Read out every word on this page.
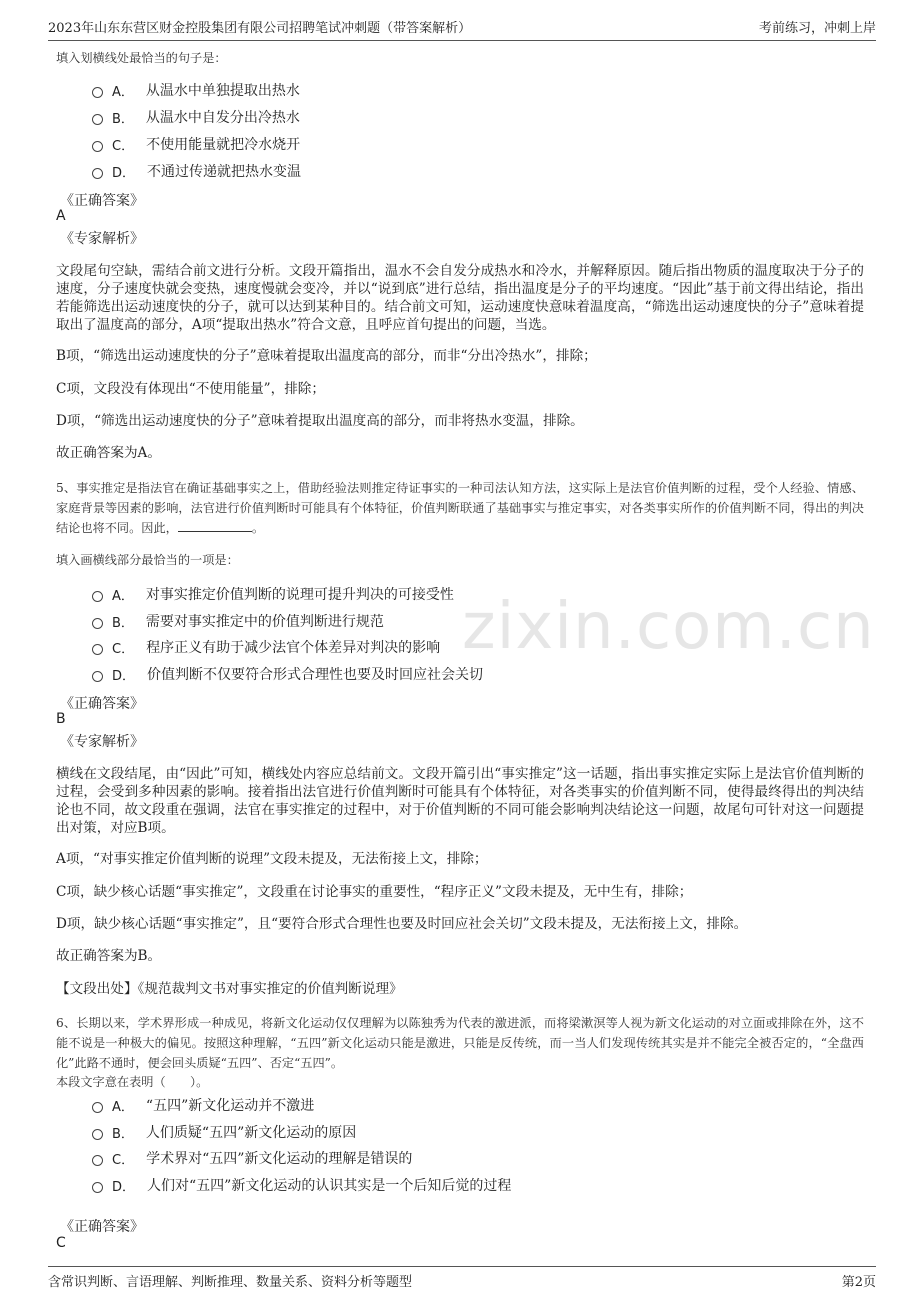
2023年山东东营区财金控股集团有限公司招聘笔试冲刺题（带答案解析）	考前练习，冲刺上岸
zixin.com.cn
填入划横线处最恰当的句子是：
A． 从温水中单独提取出热水
B． 从温水中自发分出冷热水
C． 不使用能量就把冷水烧开
D． 不通过传递就把热水变温
《正确答案》
A
《专家解析》
文段尾句空缺，需结合前文进行分析。文段开篇指出，温水不会自发分成热水和冷水，并解释原因。随后指出物质的温度取决于分子的速度，分子速度快就会变热，速度慢就会变冷，并以“说到底”进行总结，指出温度是分子的平均速度。“因此”基于前文得出结论，指出若能筛选出运动速度快的分子，就可以达到某种目的。结合前文可知，运动速度快意味着温度高，“筛选出运动速度快的分子”意味着提取出了温度高的部分，A项“提取出热水”符合文意，且呼应首句提出的问题，当选。
B项，“筛选出运动速度快的分子”意味着提取出温度高的部分，而非“分出冷热水”，排除；
C项，文段没有体现出“不使用能量”，排除；
D项，“筛选出运动速度快的分子”意味着提取出温度高的部分，而非将热水变温，排除。
故正确答案为A。
5、事实推定是指法官在确证基础事实之上，借助经验法则推定待证事实的一种司法认知方法，这实际上是法官价值判断的过程，受个人经验、情感、家庭背景等因素的影响，法官进行价值判断时可能具有个体特征，价值判断联通了基础事实与推定事实，对各类事实所作的价值判断不同，得出的判决结论也将不同。因此，	。
填入画横线部分最恰当的一项是：
A． 对事实推定价值判断的说理可提升判决的可接受性
B． 需要对事实推定中的价值判断进行规范
C． 程序正义有助于减少法官个体差异对判决的影响
D． 价值判断不仅要符合形式合理性也要及时回应社会关切
《正确答案》
B
《专家解析》
横线在文段结尾，由“因此”可知，横线处内容应总结前文。文段开篇引出“事实推定”这一话题，指出事实推定实际上是法官价值判断的过程，会受到多种因素的影响。接着指出法官进行价值判断时可能具有个体特征，对各类事实的价值判断不同，使得最终得出的判决结论也不同，故文段重在强调，法官在事实推定的过程中，对于价值判断的不同可能会影响判决结论这一问题，故尾句可针对这一问题提出对策，对应B项。
A项，“对事实推定价值判断的说理”文段未提及，无法衔接上文，排除；
C项，缺少核心话题“事实推定”，文段重在讨论事实的重要性，“程序正义”文段未提及，无中生有，排除；
D项，缺少核心话题“事实推定”，且“要符合形式合理性也要及时回应社会关切”文段未提及，无法衔接上文，排除。
故正确答案为B。
【文段出处】《规范裁判文书对事实推定的价值判断说理》
6、长期以来，学术界形成一种成见，将新文化运动仅仅理解为以陈独秀为代表的激进派，而将梁漱溟等人视为新文化运动的对立面或排除在外，这不能不说是一种极大的偏见。按照这种理解，“五四”新文化运动只能是激进，只能是反传统，而一当人们发现传统其实是并不能完全被否定的，“全盘西化”此路不通时，便会回头质疑“五四”、否定“五四”。
本段文字意在表明（　　）。
A． “五四”新文化运动并不激进
B． 人们质疑“五四”新文化运动的原因
C． 学术界对“五四”新文化运动的理解是错误的
D． 人们对“五四”新文化运动的认识其实是一个后知后觉的过程
《正确答案》
C
含常识判断、言语理解、判断推理、数量关系、资料分析等题型	第2页
